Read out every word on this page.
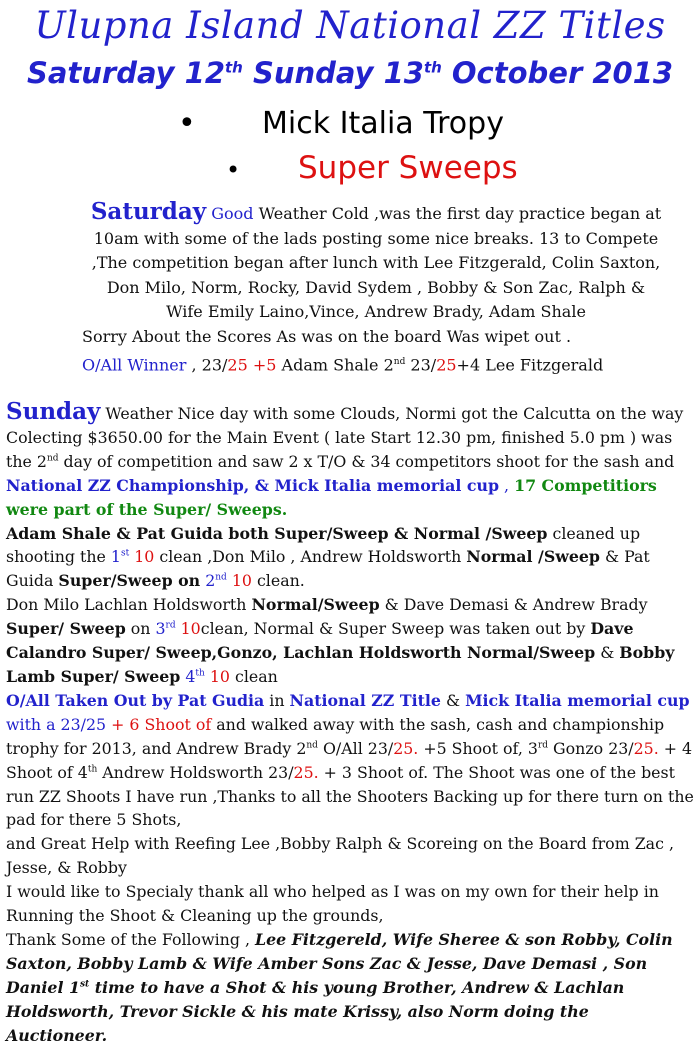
Ulupna Island National ZZ Titles
Saturday 12th Sunday 13th October 2013
• Mick Italia Tropy
• Super Sweeps
Saturday Good Weather Cold ,was the first day practice began at
10am with some of the lads posting some nice breaks. 13 to Compete
,The competition began after lunch with Lee Fitzgerald, Colin Saxton,
Don Milo, Norm, Rocky, David Sydem , Bobby & Son Zac, Ralph &
Wife Emily Laino,Vince, Andrew Brady, Adam Shale
Sorry About the Scores As was on the board Was wipet out .
O/All Winner , 23/25 +5 Adam Shale 2nd 23/25+4 Lee Fitzgerald

Sunday Weather Nice day with some Clouds, Normi got the Calcutta on the way Colecting $3650.00 for the Main Event ( late Start 12.30 pm, finished 5.0 pm ) was the 2nd day of competition and saw 2 x T/O & 34 competitors shoot for the sash and National ZZ Championship, & Mick Italia memorial cup , 17 Competitiors were part of the Super/ Sweeps.

Adam Shale & Pat Guida both Super/Sweep & Normal /Sweep cleaned up shooting the 1st 10 clean ,Don Milo , Andrew Holdsworth Normal /Sweep & Pat Guida Super/Sweep on 2nd 10 clean.

Don Milo Lachlan Holdsworth Normal/Sweep & Dave Demasi & Andrew Brady Super/ Sweep on 3rd 10clean, Normal & Super Sweep was taken out by Dave Calandro Super/ Sweep,Gonzo, Lachlan Holdsworth Normal/Sweep & Bobby Lamb Super/ Sweep 4th 10 clean

O/All Taken Out by Pat Gudia in National ZZ Title & Mick Italia memorial cup with a 23/25 + 6 Shoot of and walked away with the sash, cash and championship trophy for 2013, and Andrew Brady 2nd O/All 23/25. +5 Shoot of, 3rd Gonzo 23/25. + 4 Shoot of 4th Andrew Holdsworth 23/25. + 3 Shoot of. The Shoot was one of the best run ZZ Shoots I have run ,Thanks to all the Shooters Backing up for there turn on the pad for there 5 Shots,

and Great Help with Reefing Lee ,Bobby Ralph & Scoreing on the Board from Zac , Jesse, & Robby

I would like to Specialy thank all who helped as I was on my own for their help in Running the Shoot & Cleaning up the grounds,

Thank Some of the Following , Lee Fitzgereld, Wife Sheree & son Robby, Colin Saxton, Bobby Lamb & Wife Amber Sons Zac & Jesse, Dave Demasi , Son Daniel 1st time to have a Shot & his young Brother, Andrew & Lachlan Holdsworth, Trevor Sickle & his mate Krissy, also Norm doing the Auctioneer.
